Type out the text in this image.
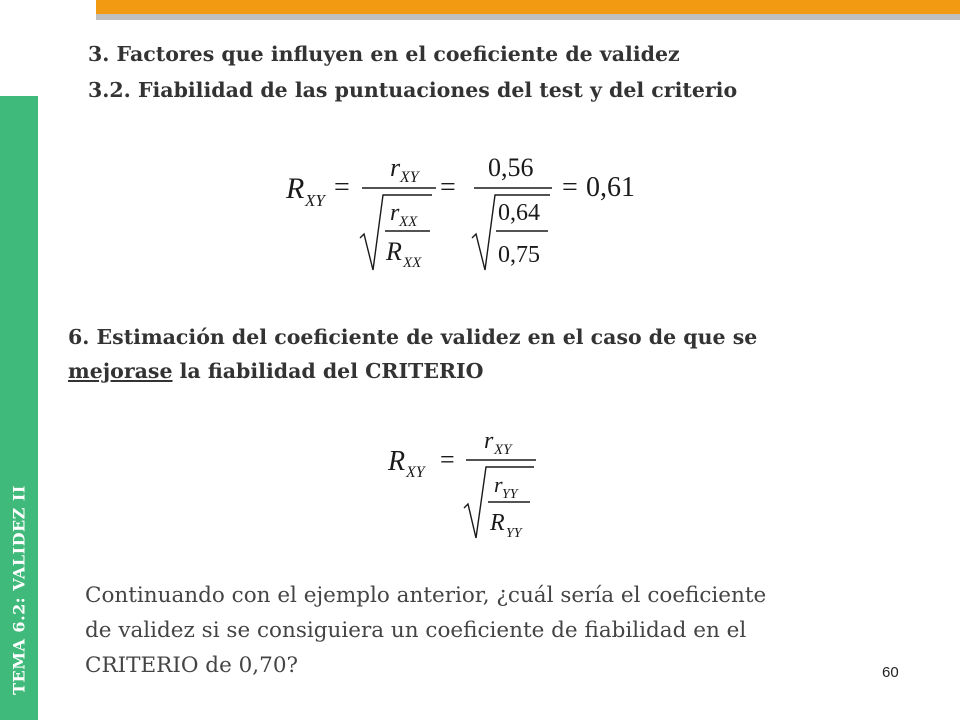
TEMA 6.2: VALIDEZ II
3. Factores que influyen en el coeficiente de validez
3.2. Fiabilidad de las puntuaciones del test y del criterio
R XY =
r XY
r XX
R XX
=
0,56
0,64
0,75
= 0,61
6. Estimación del coeficiente de validez en el caso de que se
mejorase la fiabilidad del CRITERIO
R XY =
r XY
r YY
R YY
Continuando con el ejemplo anterior, ¿cuál sería el coeficiente
de validez si se consiguiera un coeficiente de fiabilidad en el
CRITERIO de 0,70?	60
